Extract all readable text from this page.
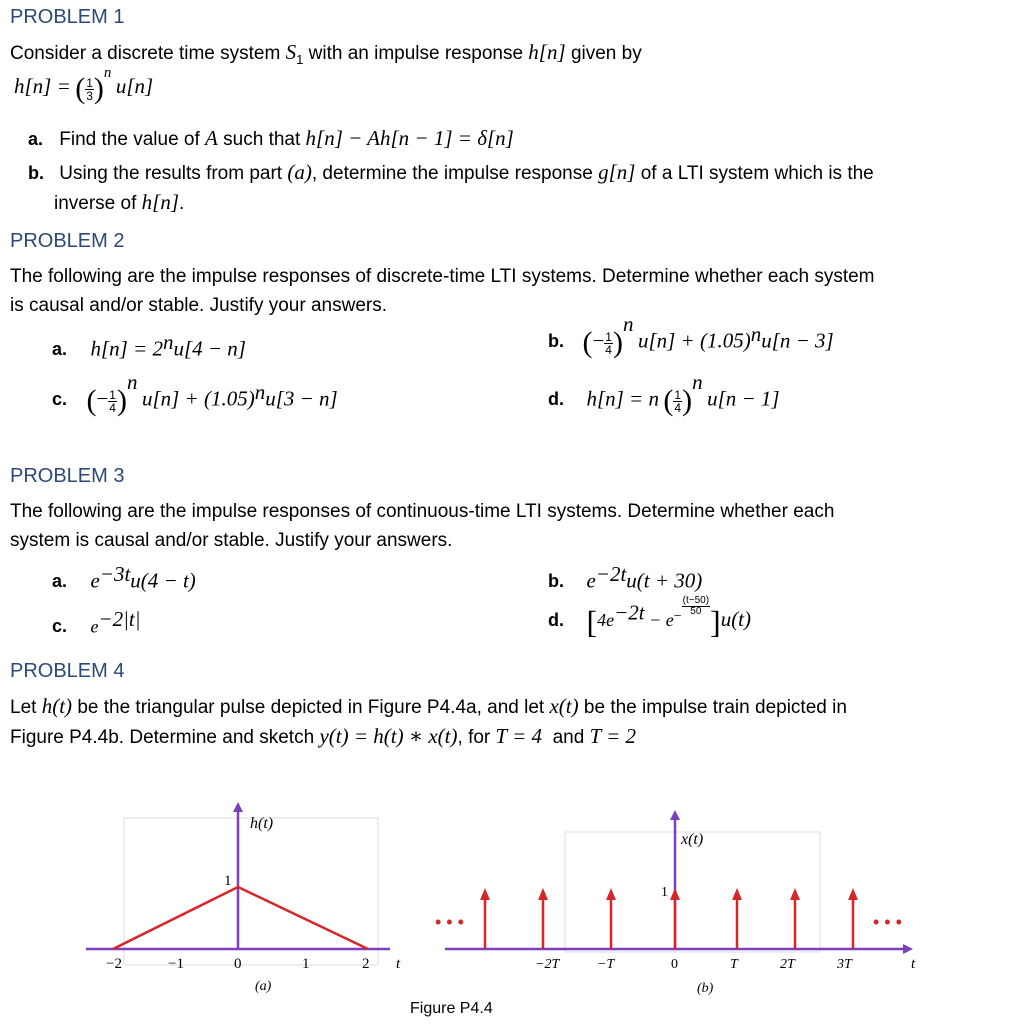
PROBLEM 1
Consider a discrete time system $S_1$ with an impulse response h[n] given by
h[n] = ( $\frac{1}{3} )^n$ u[n]
a. Find the value of A such that h[n] − Ah[n − 1] = δ[n]
b. Using the results from part (a), determine the impulse response g[n] of a LTI system which is the
inverse of h[n].
PROBLEM 2
The following are the impulse responses of discrete-time LTI systems. Determine whether each system
is causal and/or stable. Justify your answers.
a. $h[n] = 2^nu[4 - n]$	b. (− $\frac{1}{4} )^n$ $u[n] + (1.05)^nu[n - 3]$
c. (− $\frac{1}{4} )^n$ $u[n] + (1.05)^nu[3 - n]$	d. h[n] = n ( $\frac{1}{4} )^n$ u[n − 1]
PROBLEM 3
The following are the impulse responses of continuous-time LTI systems. Determine whether each
system is causal and/or stable. Justify your answers.
a. $e^{-3t}u(4 - t)$	b. $e^{-2t}u(t + 30)$
c. $e^{-2|t|}$	d. [$4e^{-2t} - e^{- \frac{(t-50)}{50}}$ ]u(t)
PROBLEM 4
Let h(t) be the triangular pulse depicted in Figure P4.4a, and let x(t) be the impulse train depicted in
Figure P4.4b. Determine and sketch y(t) = h(t) ∗ x(t), for T = 4 and T = 2
h(t)
1
t
−2	−1	0	1	2
(a)
• • •	• • •
x(t)
1
t
−2T	−T	0	T	2T	3T
(b)
Figure P4.4
